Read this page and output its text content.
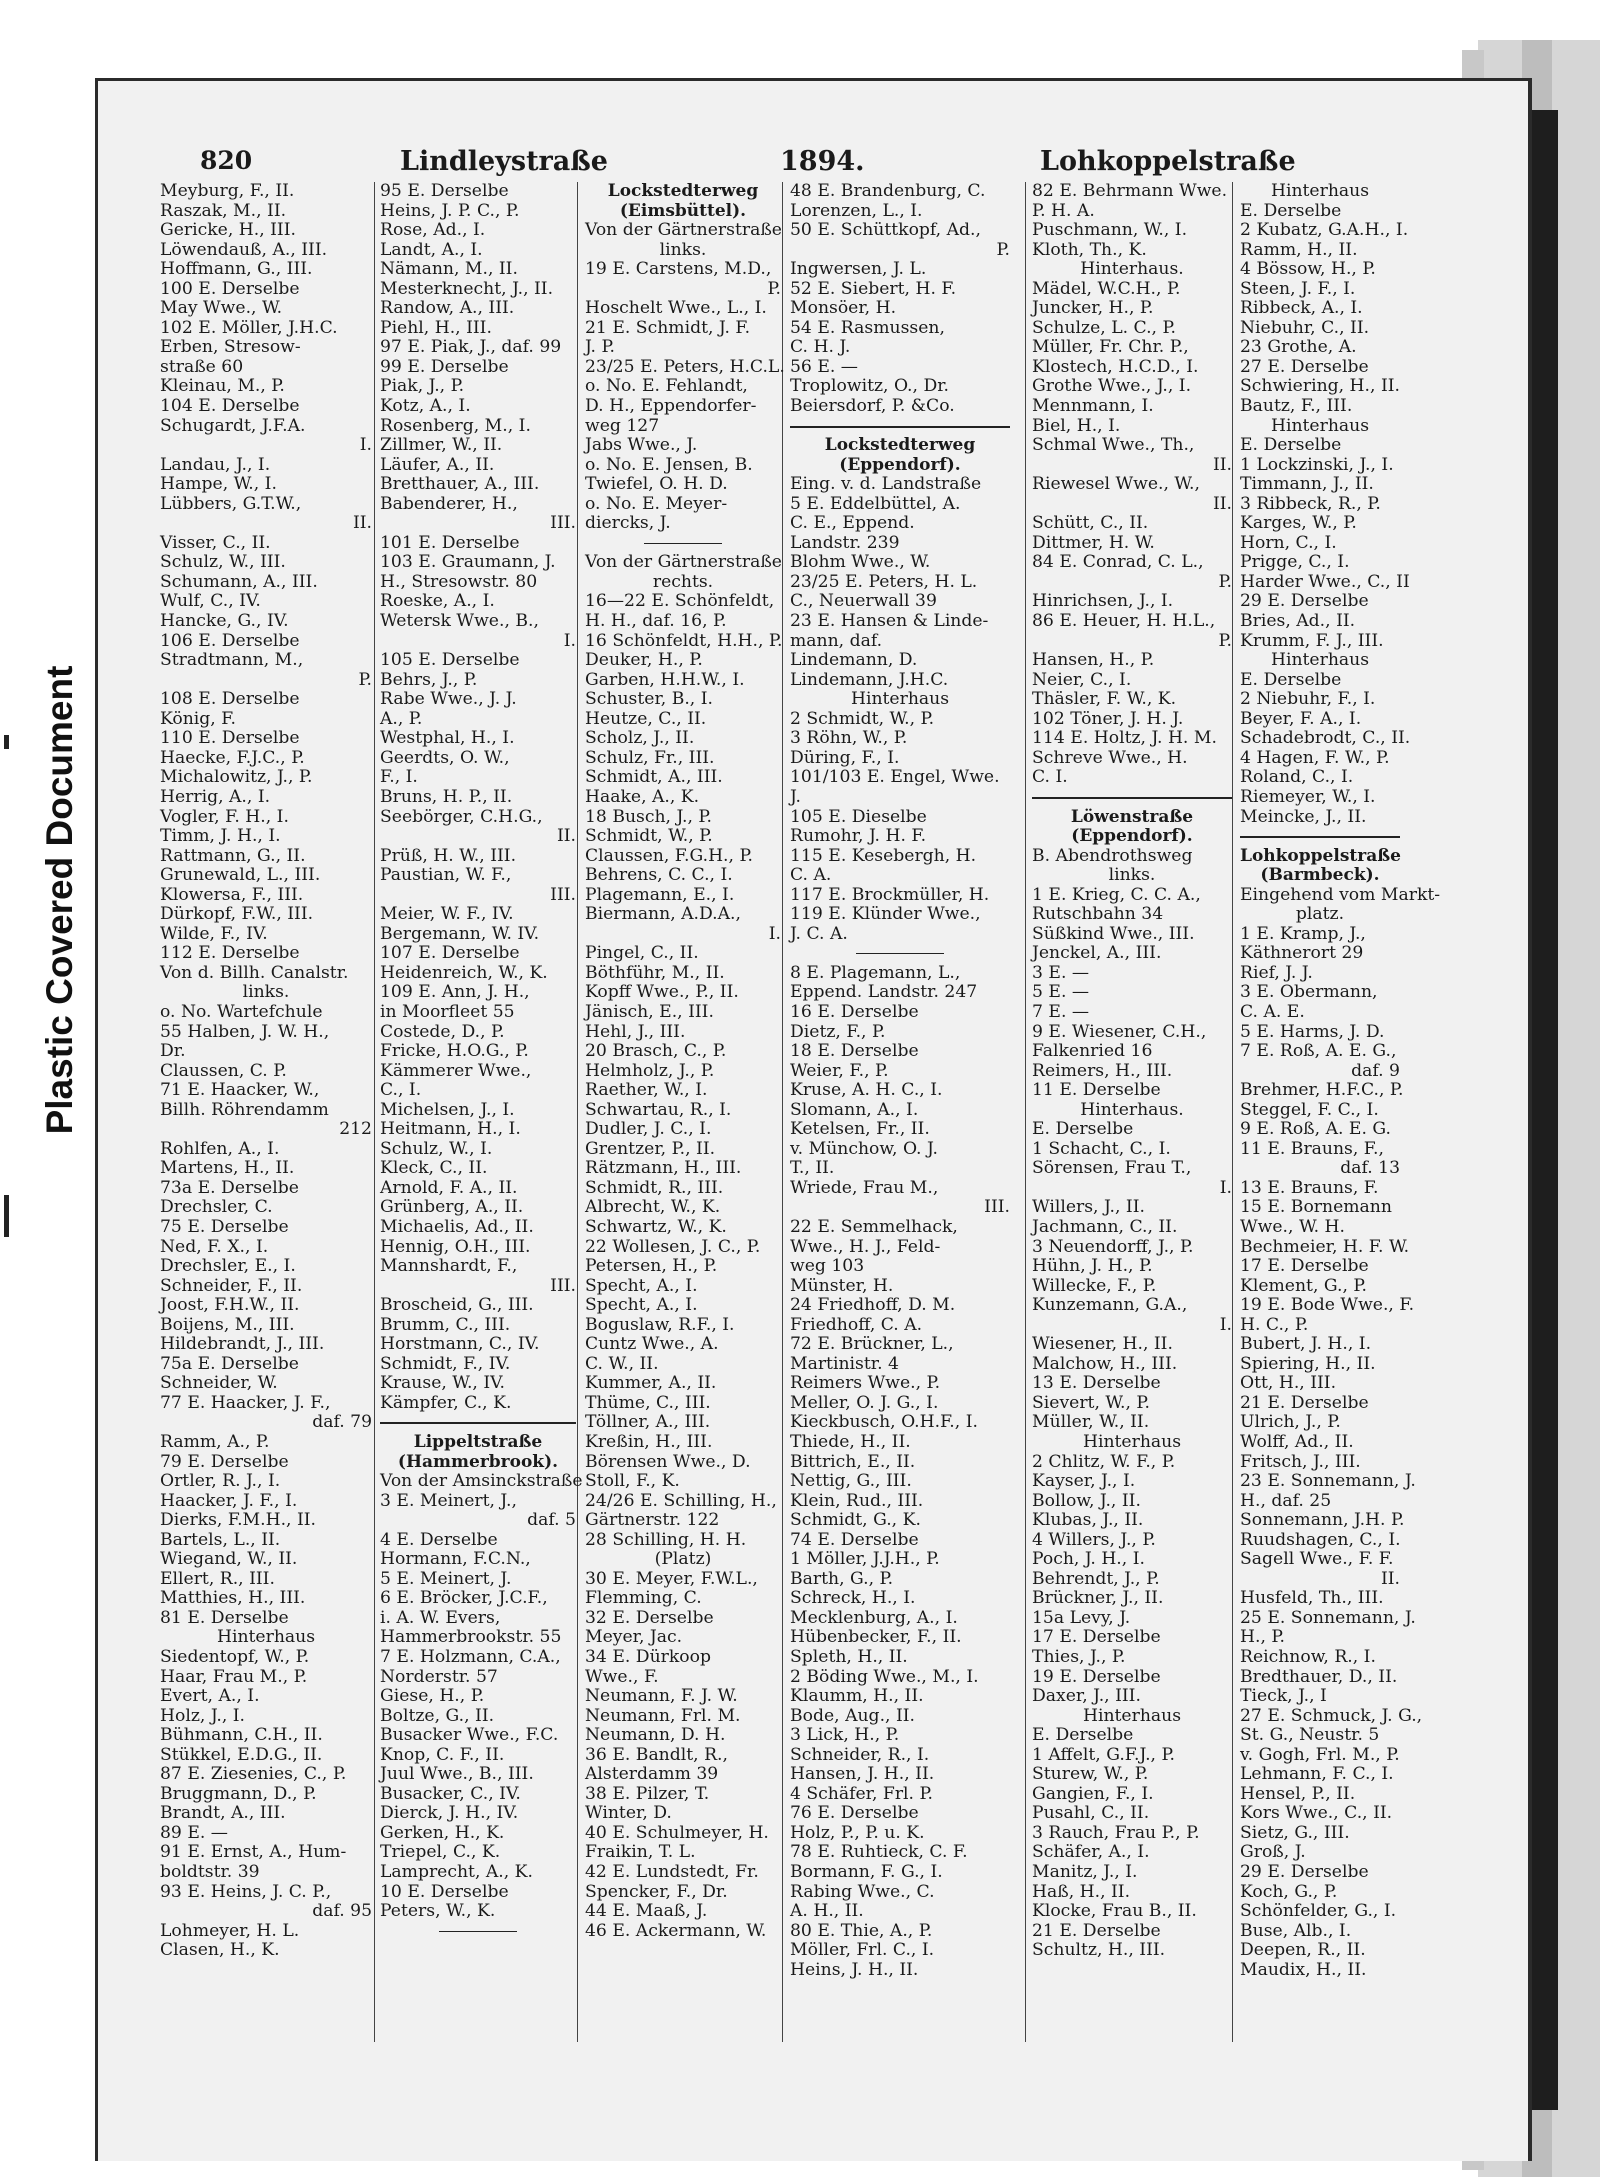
Plastic Covered Document
820	Lindleystraße	1894.	Lohkoppelstraße
Meyburg, F., II.
Raszak, M., II.
Gericke, H., III.
Löwendauß, A., III.
Hoffmann, G., III.
100 E. Derselbe
May Wwe., W.
102 E. Möller, J.H.C.
Erben, Stresow-
straße 60
Kleinau, M., P.
104 E. Derselbe
Schugardt, J.F.A.
I.
Landau, J., I.
Hampe, W., I.
Lübbers, G.T.W.,
II.
Visser, C., II.
Schulz, W., III.
Schumann, A., III.
Wulf, C., IV.
Hancke, G., IV.
106 E. Derselbe
Stradtmann, M.,
P.
108 E. Derselbe
König, F.
110 E. Derselbe
Haecke, F.J.C., P.
Michalowitz, J., P.
Herrig, A., I.
Vogler, F. H., I.
Timm, J. H., I.
Rattmann, G., II.
Grunewald, L., III.
Klowersa, F., III.
Dürkopf, F.W., III.
Wilde, F., IV.
112 E. Derselbe
Von d. Billh. Canalstr.
links.
o. No. Wartefchule
55 Halben, J. W. H.,
Dr.
Claussen, C. P.
71 E. Haacker, W.,
Billh. Röhrendamm
212
Rohlfen, A., I.
Martens, H., II.
73a E. Derselbe
Drechsler, C.
75 E. Derselbe
Ned, F. X., I.
Drechsler, E., I.
Schneider, F., II.
Joost, F.H.W., II.
Boijens, M., III.
Hildebrandt, J., III.
75a E. Derselbe
Schneider, W.
77 E. Haacker, J. F.,
daf. 79
Ramm, A., P.
79 E. Derselbe
Ortler, R. J., I.
Haacker, J. F., I.
Dierks, F.M.H., II.
Bartels, L., II.
Wiegand, W., II.
Ellert, R., III.
Matthies, H., III.
81 E. Derselbe
Hinterhaus
Siedentopf, W., P.
Haar, Frau M., P.
Evert, A., I.
Holz, J., I.
Bühmann, C.H., II.
Stükkel, E.D.G., II.
87 E. Ziesenies, C., P.
Bruggmann, D., P.
Brandt, A., III.
89 E. —
91 E. Ernst, A., Hum-
boldtstr. 39
93 E. Heins, J. C. P.,
daf. 95
Lohmeyer, H. L.
Clasen, H., K.
95 E. Derselbe
Heins, J. P. C., P.
Rose, Ad., I.
Landt, A., I.
Nämann, M., II.
Mesterknecht, J., II.
Randow, A., III.
Piehl, H., III.
97 E. Piak, J., daf. 99
99 E. Derselbe
Piak, J., P.
Kotz, A., I.
Rosenberg, M., I.
Zillmer, W., II.
Läufer, A., II.
Bretthauer, A., III.
Babenderer, H.,
III.
101 E. Derselbe
103 E. Graumann, J.
H., Stresowstr. 80
Roeske, A., I.
Wetersk Wwe., B.,
I.
105 E. Derselbe
Behrs, J., P.
Rabe Wwe., J. J.
A., P.
Westphal, H., I.
Geerdts, O. W.,
F., I.
Bruns, H. P., II.
Seebörger, C.H.G.,
II.
Prüß, H. W., III.
Paustian, W. F.,
III.
Meier, W. F., IV.
Bergemann, W. IV.
107 E. Derselbe
Heidenreich, W., K.
109 E. Ann, J. H.,
in Moorfleet 55
Costede, D., P.
Fricke, H.O.G., P.
Kämmerer Wwe.,
C., I.
Michelsen, J., I.
Heitmann, H., I.
Schulz, W., I.
Kleck, C., II.
Arnold, F. A., II.
Grünberg, A., II.
Michaelis, Ad., II.
Hennig, O.H., III.
Mannshardt, F.,
III.
Broscheid, G., III.
Brumm, C., III.
Horstmann, C., IV.
Schmidt, F., IV.
Krause, W., IV.
Kämpfer, C., K.
Lippeltstraße
(Hammerbrook).
Von der Amsinckstraße
3 E. Meinert, J.,
daf. 5
4 E. Derselbe
Hormann, F.C.N.,
5 E. Meinert, J.
6 E. Bröcker, J.C.F.,
i. A. W. Evers,
Hammerbrookstr. 55
7 E. Holzmann, C.A.,
Norderstr. 57
Giese, H., P.
Boltze, G., II.
Busacker Wwe., F.C.
Knop, C. F., II.
Juul Wwe., B., III.
Busacker, C., IV.
Dierck, J. H., IV.
Gerken, H., K.
Triepel, C., K.
Lamprecht, A., K.
10 E. Derselbe
Peters, W., K.
Lockstedterweg
(Eimsbüttel).
Von der Gärtnerstraße
links.
19 E. Carstens, M.D.,
P.
Hoschelt Wwe., L., I.
21 E. Schmidt, J. F.
J. P.
23/25 E. Peters, H.C.L.
o. No. E. Fehlandt,
D. H., Eppendorfer-
weg 127
Jabs Wwe., J.
o. No. E. Jensen, B.
Twiefel, O. H. D.
o. No. E. Meyer-
diercks, J.
Von der Gärtnerstraße
rechts.
16—22 E. Schönfeldt,
H. H., daf. 16, P.
16 Schönfeldt, H.H., P.
Deuker, H., P.
Garben, H.H.W., I.
Schuster, B., I.
Heutze, C., II.
Scholz, J., II.
Schulz, Fr., III.
Schmidt, A., III.
Haake, A., K.
18 Busch, J., P.
Schmidt, W., P.
Claussen, F.G.H., P.
Behrens, C. C., I.
Plagemann, E., I.
Biermann, A.D.A.,
I.
Pingel, C., II.
Böthführ, M., II.
Kopff Wwe., P., II.
Jänisch, E., III.
Hehl, J., III.
20 Brasch, C., P.
Helmholz, J., P.
Raether, W., I.
Schwartau, R., I.
Dudler, J. C., I.
Grentzer, P., II.
Rätzmann, H., III.
Schmidt, R., III.
Albrecht, W., K.
Schwartz, W., K.
22 Wollesen, J. C., P.
Petersen, H., P.
Specht, A., I.
Specht, A., I.
Boguslaw, R.F., I.
Cuntz Wwe., A.
C. W., II.
Kummer, A., II.
Thüme, C., III.
Töllner, A., III.
Kreßin, H., III.
Börensen Wwe., D.
Stoll, F., K.
24/26 E. Schilling, H.,
Gärtnerstr. 122
28 Schilling, H. H.
(Platz)
30 E. Meyer, F.W.L.,
Flemming, C.
32 E. Derselbe
Meyer, Jac.
34 E. Dürkoop
Wwe., F.
Neumann, F. J. W.
Neumann, Frl. M.
Neumann, D. H.
36 E. Bandlt, R.,
Alsterdamm 39
38 E. Pilzer, T.
Winter, D.
40 E. Schulmeyer, H.
Fraikin, T. L.
42 E. Lundstedt, Fr.
Spencker, F., Dr.
44 E. Maaß, J.
46 E. Ackermann, W.
48 E. Brandenburg, C.
Lorenzen, L., I.
50 E. Schüttkopf, Ad.,
P.
Ingwersen, J. L.
52 E. Siebert, H. F.
Monsöer, H.
54 E. Rasmussen,
C. H. J.
56 E. —
Troplowitz, O., Dr.
Beiersdorf, P. &Co.
Lockstedterweg
(Eppendorf).
Eing. v. d. Landstraße
5 E. Eddelbüttel, A.
C. E., Eppend.
Landstr. 239
Blohm Wwe., W.
23/25 E. Peters, H. L.
C., Neuerwall 39
23 E. Hansen & Linde-
mann, daf.
Lindemann, D.
Lindemann, J.H.C.
Hinterhaus
2 Schmidt, W., P.
3 Röhn, W., P.
Düring, F., I.
101/103 E. Engel, Wwe.
J.
105 E. Dieselbe
Rumohr, J. H. F.
115 E. Kesebergh, H.
C. A.
117 E. Brockmüller, H.
119 E. Klünder Wwe.,
J. C. A.
8 E. Plagemann, L.,
Eppend. Landstr. 247
16 E. Derselbe
Dietz, F., P.
18 E. Derselbe
Weier, F., P.
Kruse, A. H. C., I.
Slomann, A., I.
Ketelsen, Fr., II.
v. Münchow, O. J.
T., II.
Wriede, Frau M.,
III.
22 E. Semmelhack,
Wwe., H. J., Feld-
weg 103
Münster, H.
24 Friedhoff, D. M.
Friedhoff, C. A.
72 E. Brückner, L.,
Martinistr. 4
Reimers Wwe., P.
Meller, O. J. G., I.
Kieckbusch, O.H.F., I.
Thiede, H., II.
Bittrich, E., II.
Nettig, G., III.
Klein, Rud., III.
Schmidt, G., K.
74 E. Derselbe
1 Möller, J.J.H., P.
Barth, G., P.
Schreck, H., I.
Mecklenburg, A., I.
Hübenbecker, F., II.
Spleth, H., II.
2 Böding Wwe., M., I.
Klaumm, H., II.
Bode, Aug., II.
3 Lick, H., P.
Schneider, R., I.
Hansen, J. H., II.
4 Schäfer, Frl. P.
76 E. Derselbe
Holz, P., P. u. K.
78 E. Ruhtieck, C. F.
Bormann, F. G., I.
Rabing Wwe., C.
A. H., II.
80 E. Thie, A., P.
Möller, Frl. C., I.
Heins, J. H., II.
82 E. Behrmann Wwe.
P. H. A.
Puschmann, W., I.
Kloth, Th., K.
Hinterhaus.
Mädel, W.C.H., P.
Juncker, H., P.
Schulze, L. C., P.
Müller, Fr. Chr. P.,
Klostech, H.C.D., I.
Grothe Wwe., J., I.
Mennmann, I.
Biel, H., I.
Schmal Wwe., Th.,
II.
Riewesel Wwe., W.,
II.
Schütt, C., II.
Dittmer, H. W.
84 E. Conrad, C. L.,
P.
Hinrichsen, J., I.
86 E. Heuer, H. H.L.,
P.
Hansen, H., P.
Neier, C., I.
Thäsler, F. W., K.
102 Töner, J. H. J.
114 E. Holtz, J. H. M.
Schreve Wwe., H.
C. I.
Löwenstraße
(Eppendorf).
B. Abendrothsweg
links.
1 E. Krieg, C. C. A.,
Rutschbahn 34
Süßkind Wwe., III.
Jenckel, A., III.
3 E. —
5 E. —
7 E. —
9 E. Wiesener, C.H.,
Falkenried 16
Reimers, H., III.
11 E. Derselbe
Hinterhaus.
E. Derselbe
1 Schacht, C., I.
Sörensen, Frau T.,
I.
Willers, J., II.
Jachmann, C., II.
3 Neuendorff, J., P.
Hühn, J. H., P.
Willecke, F., P.
Kunzemann, G.A.,
I.
Wiesener, H., II.
Malchow, H., III.
13 E. Derselbe
Sievert, W., P.
Müller, W., II.
Hinterhaus
2 Chlitz, W. F., P.
Kayser, J., I.
Bollow, J., II.
Klubas, J., II.
4 Willers, J., P.
Poch, J. H., I.
Behrendt, J., P.
Brückner, J., II.
15a Levy, J.
17 E. Derselbe
Thies, J., P.
19 E. Derselbe
Daxer, J., III.
Hinterhaus
E. Derselbe
1 Affelt, G.F.J., P.
Sturew, W., P.
Gangien, F., I.
Pusahl, C., II.
3 Rauch, Frau P., P.
Schäfer, A., I.
Manitz, J., I.
Haß, H., II.
Klocke, Frau B., II.
21 E. Derselbe
Schultz, H., III.
Hinterhaus
E. Derselbe
2 Kubatz, G.A.H., I.
Ramm, H., II.
4 Bössow, H., P.
Steen, J. F., I.
Ribbeck, A., I.
Niebuhr, C., II.
23 Grothe, A.
27 E. Derselbe
Schwiering, H., II.
Bautz, F., III.
Hinterhaus
E. Derselbe
1 Lockzinski, J., I.
Timmann, J., II.
3 Ribbeck, R., P.
Karges, W., P.
Horn, C., I.
Prigge, C., I.
Harder Wwe., C., II
29 E. Derselbe
Bries, Ad., II.
Krumm, F. J., III.
Hinterhaus
E. Derselbe
2 Niebuhr, F., I.
Beyer, F. A., I.
Schadebrodt, C., II.
4 Hagen, F. W., P.
Roland, C., I.
Riemeyer, W., I.
Meincke, J., II.
Lohkoppelstraße
(Barmbeck).
Eingehend vom Markt-
platz.
1 E. Kramp, J.,
Käthnerort 29
Rief, J. J.
3 E. Obermann,
C. A. E.
5 E. Harms, J. D.
7 E. Roß, A. E. G.,
daf. 9
Brehmer, H.F.C., P.
Steggel, F. C., I.
9 E. Roß, A. E. G.
11 E. Brauns, F.,
daf. 13
13 E. Brauns, F.
15 E. Bornemann
Wwe., W. H.
Bechmeier, H. F. W.
17 E. Derselbe
Klement, G., P.
19 E. Bode Wwe., F.
H. C., P.
Bubert, J. H., I.
Spiering, H., II.
Ott, H., III.
21 E. Derselbe
Ulrich, J., P.
Wolff, Ad., II.
Fritsch, J., III.
23 E. Sonnemann, J.
H., daf. 25
Sonnemann, J.H. P.
Ruudshagen, C., I.
Sagell Wwe., F. F.
II.
Husfeld, Th., III.
25 E. Sonnemann, J.
H., P.
Reichnow, R., I.
Bredthauer, D., II.
Tieck, J., I
27 E. Schmuck, J. G.,
St. G., Neustr. 5
v. Gogh, Frl. M., P.
Lehmann, F. C., I.
Hensel, P., II.
Kors Wwe., C., II.
Sietz, G., III.
Groß, J.
29 E. Derselbe
Koch, G., P.
Schönfelder, G., I.
Buse, Alb., I.
Deepen, R., II.
Maudix, H., II.
